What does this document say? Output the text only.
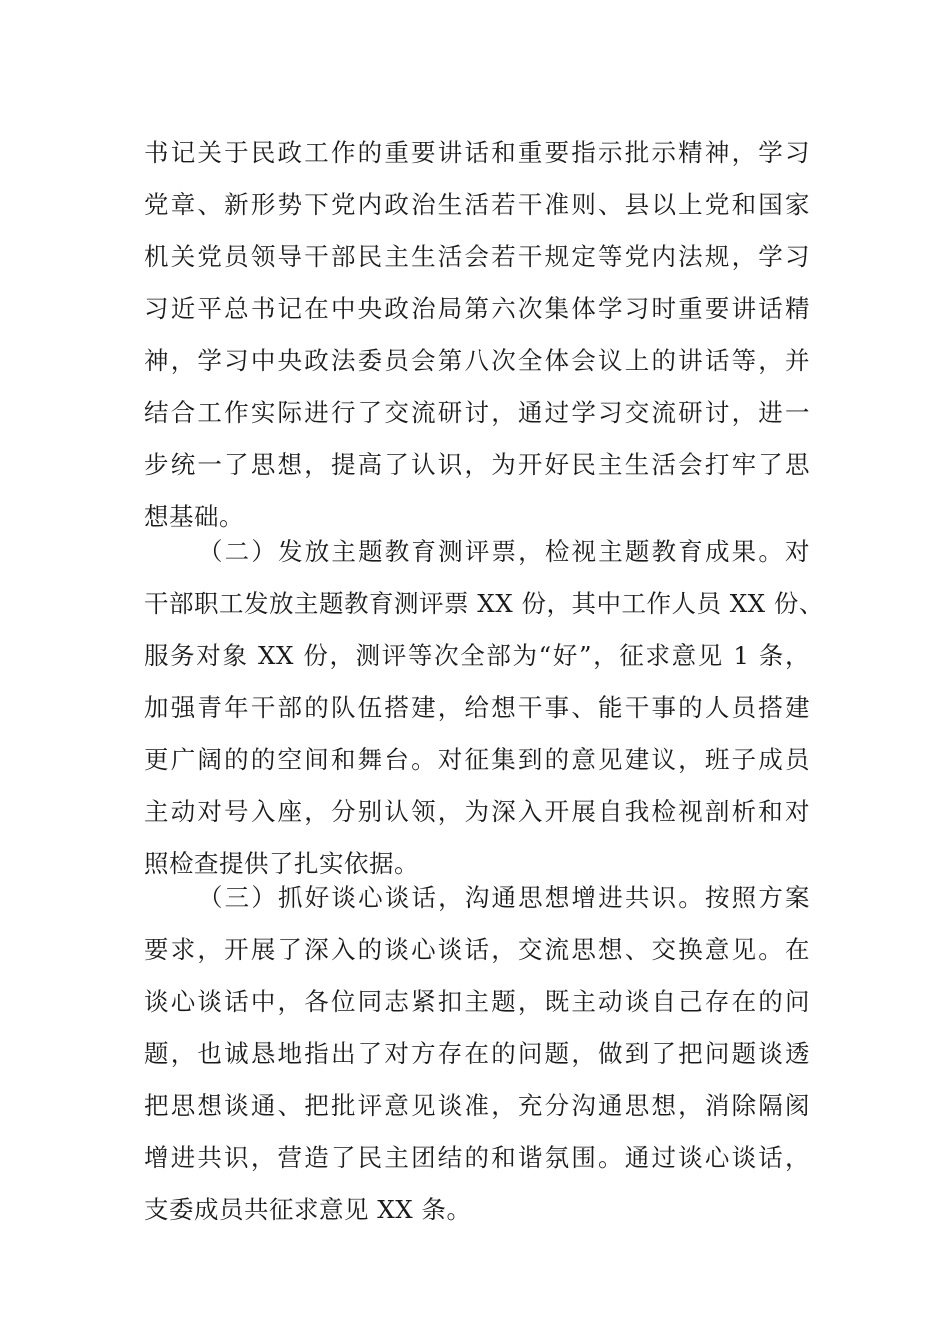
书记关于民政工作的重要讲话和重要指示批示精神，学习
党章、新形势下党内政治生活若干准则、县以上党和国家
机关党员领导干部民主生活会若干规定等党内法规，学习
习近平总书记在中央政治局第六次集体学习时重要讲话精
神，学习中央政法委员会第八次全体会议上的讲话等，并
结合工作实际进行了交流研讨，通过学习交流研讨，进一
步统一了思想，提高了认识，为开好民主生活会打牢了思
想基础。
（二）发放主题教育测评票，检视主题教育成果。对
干部职工发放主题教育测评票 XX 份，其中工作人员 XX 份、
服务对象 XX 份，测评等次全部为“好”，征求意见 1 条，
加强青年干部的队伍搭建，给想干事、能干事的人员搭建
更广阔的的空间和舞台。对征集到的意见建议，班子成员
主动对号入座，分别认领，为深入开展自我检视剖析和对
照检查提供了扎实依据。
（三）抓好谈心谈话，沟通思想增进共识。按照方案
要求，开展了深入的谈心谈话，交流思想、交换意见。在
谈心谈话中，各位同志紧扣主题，既主动谈自己存在的问
题，也诚恳地指出了对方存在的问题，做到了把问题谈透
把思想谈通、把批评意见谈准，充分沟通思想，消除隔阂
增进共识，营造了民主团结的和谐氛围。通过谈心谈话，
支委成员共征求意见 XX 条。
